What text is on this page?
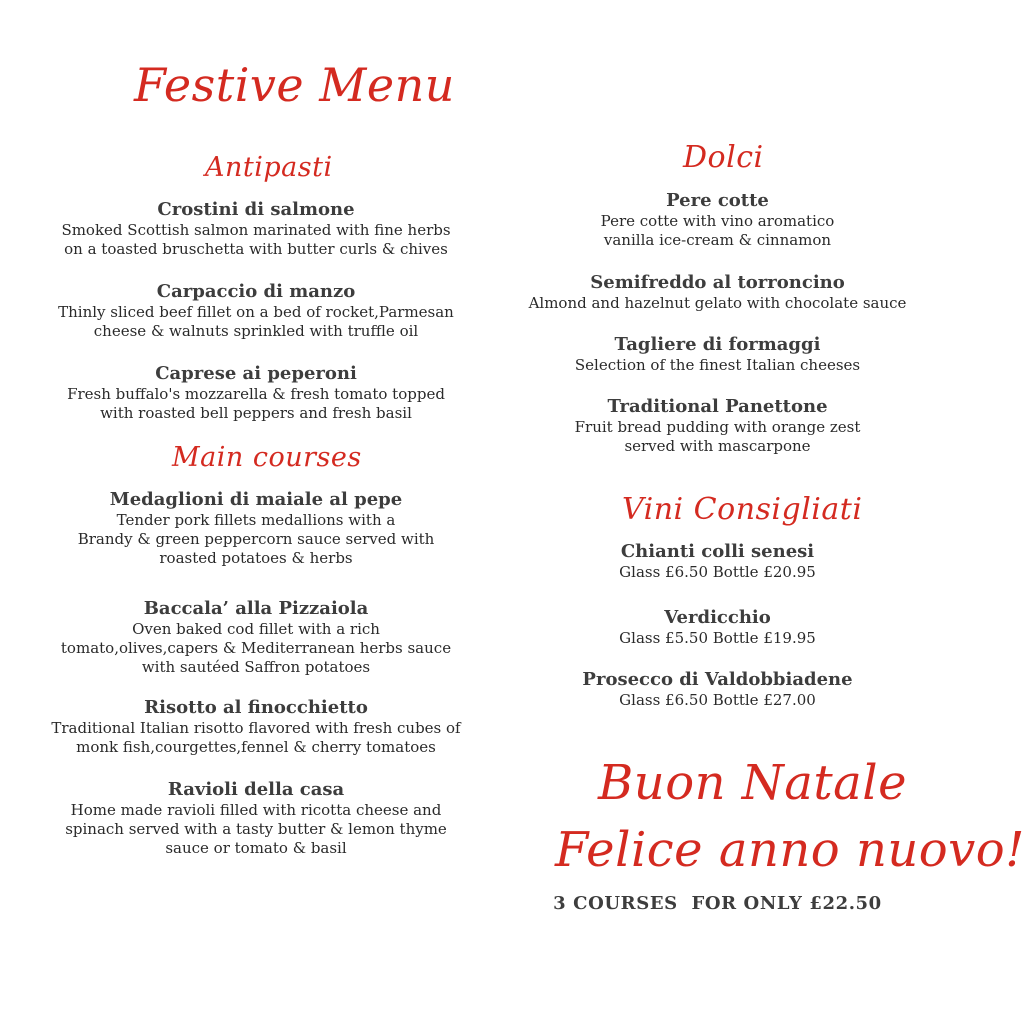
Festive Menu
Antipasti
Crostini di salmone
Smoked Scottish salmon marinated with fine herbs
on a toasted bruschetta with butter curls & chives
Carpaccio di manzo
Thinly sliced beef fillet on a bed of rocket,Parmesan
cheese & walnuts sprinkled with truffle oil
Caprese ai peperoni
Fresh buffalo's mozzarella & fresh tomato topped
with roasted bell peppers and fresh basil
Main courses
Medaglioni di maiale al pepe
Tender pork fillets medallions with a
Brandy & green peppercorn sauce served with
roasted potatoes & herbs
Baccala’ alla Pizzaiola
Oven baked cod fillet with a rich
tomato,olives,capers & Mediterranean herbs sauce
with sautéed Saffron potatoes
Risotto al finocchietto
Traditional Italian risotto flavored with fresh cubes of
monk fish,courgettes,fennel & cherry tomatoes
Ravioli della casa
Home made ravioli filled with ricotta cheese and
spinach served with a tasty butter & lemon thyme
sauce or tomato & basil
Dolci
Pere cotte
Pere cotte with vino aromatico
vanilla ice-cream & cinnamon
Semifreddo al torroncino
Almond and hazelnut gelato with chocolate sauce
Tagliere di formaggi
Selection of the finest Italian cheeses
Traditional Panettone
Fruit bread pudding with orange zest
served with mascarpone
Vini Consigliati
Chianti colli senesi
Glass £6.50 Bottle £20.95
Verdicchio
Glass £5.50 Bottle £19.95
Prosecco di Valdobbiadene
Glass £6.50 Bottle £27.00
Buon Natale
Felice anno nuovo!
3 COURSES  FOR ONLY £22.50
